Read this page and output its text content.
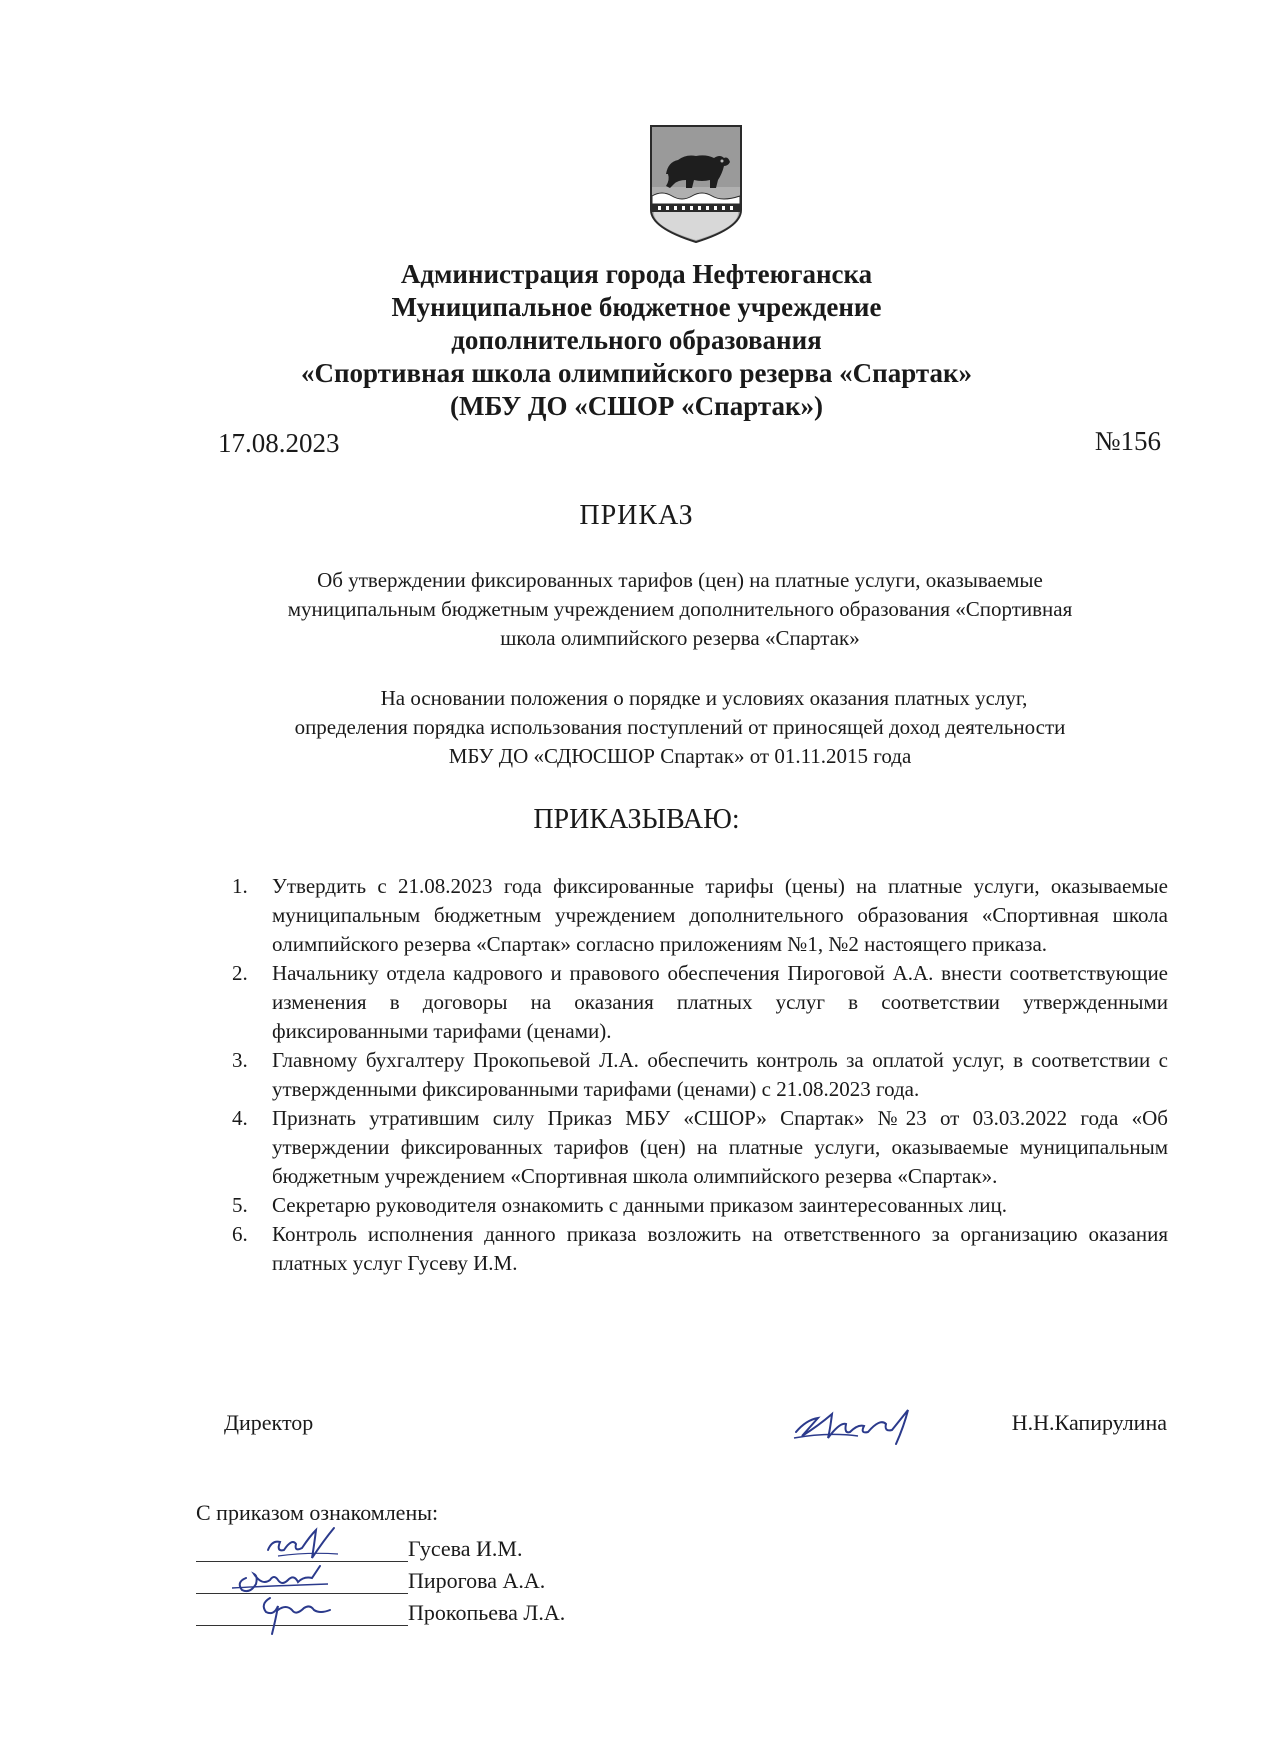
Администрация города Нефтеюганска
Муниципальное бюджетное учреждение
дополнительного образования
«Спортивная школа олимпийского резерва «Спартак»
(МБУ ДО «СШОР «Спартак»)
17.08.2023	№156
ПРИКАЗ
Об утверждении фиксированных тарифов (цен) на платные услуги, оказываемые
муниципальным бюджетным учреждением дополнительного образования «Спортивная
школа олимпийского резерва «Спартак»
На основании положения о порядке и условиях оказания платных услуг,
определения порядка использования поступлений от приносящей доход деятельности
МБУ ДО «СДЮСШОР Спартак» от 01.11.2015 года
ПРИКАЗЫВАЮ:
1. Утвердить с 21.08.2023 года фиксированные тарифы (цены) на платные услуги, оказываемые муниципальным бюджетным учреждением дополнительного образования «Спортивная школа олимпийского резерва «Спартак» согласно приложениям №1, №2 настоящего приказа.
2. Начальнику отдела кадрового и правового обеспечения Пироговой А.А. внести соответствующие изменения в договоры на оказания платных услуг в соответствии утвержденными фиксированными тарифами (ценами).
3. Главному бухгалтеру Прокопьевой Л.А. обеспечить контроль за оплатой услуг, в соответствии с утвержденными фиксированными тарифами (ценами) с 21.08.2023 года.
4. Признать утратившим силу Приказ МБУ «СШОР» Спартак» №23 от 03.03.2022 года «Об утверждении фиксированных тарифов (цен) на платные услуги, оказываемые муниципальным бюджетным учреждением «Спортивная школа олимпийского резерва «Спартак».
5. Секретарю руководителя ознакомить с данными приказом заинтересованных лиц.
6. Контроль исполнения данного приказа возложить на ответственного за организацию оказания платных услуг Гусеву И.М.
Директор	Н.Н.Капирулина
С приказом ознакомлены:
Гусева И.М.
Пирогова А.А.
Прокопьева Л.А.
